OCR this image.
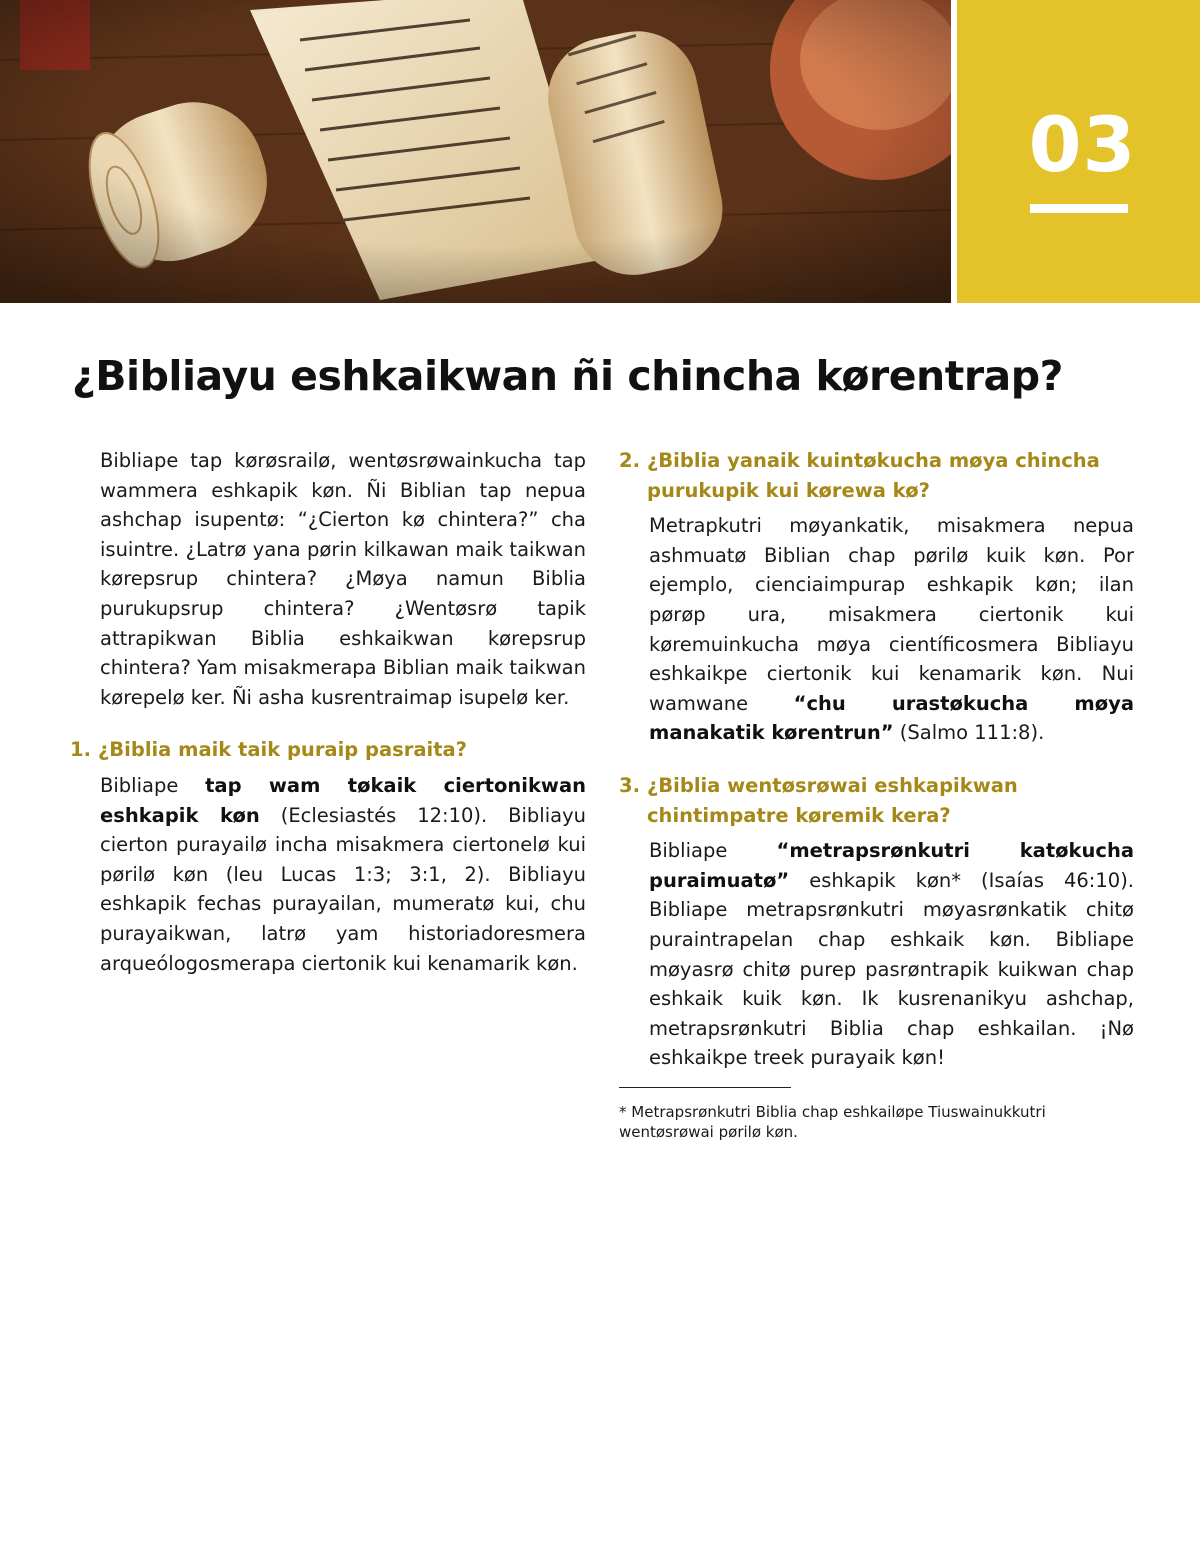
03
¿Bibliayu eshkaikwan ñi chincha kørentrap?

Bibliape tap kørøsrailø, wentøsrøwainkucha tap wammera eshkapik køn. Ñi Biblian tap nepua ashchap isupentø: “¿Cierton kø chintera?” cha isuintre. ¿Latrø yana pørin kilkawan maik taikwan kørepsrup chintera? ¿Møya namun Biblia purukupsrup chintera? ¿Wentøsrø tapik attrapikwan Biblia eshkaikwan kørepsrup chintera? Yam misakmerapa Biblian maik taikwan kørepelø ker. Ñi asha kusrentraimap isupelø ker.

1. ¿Biblia maik taik puraip pasraita?

Bibliape tap wam tøkaik ciertonikwan eshkapik køn (Eclesiastés 12:10). Bibliayu cierton purayailø incha misakmera ciertonelø kui pørilø køn (leu Lucas 1:3; 3:1, 2). Bibliayu eshkapik fechas purayailan, mumeratø kui, chu purayaikwan, latrø yam historiadoresmera arqueólogosmerapa ciertonik kui kenamarik køn.

2. ¿Biblia yanaik kuintøkucha møya chincha purukupik kui kørewa kø?

Metrapkutri møyankatik, misakmera nepua ashmuatø Biblian chap pørilø kuik køn. Por ejemplo, cienciaimpurap eshkapik køn; ilan pørøp ura, misakmera ciertonik kui køremuinkucha møya científicosmera Bibliayu eshkaikpe ciertonik kui kenamarik køn. Nui wamwane “chu urastøkucha møya manakatik kørentrun” (Salmo 111:8).

3. ¿Biblia wentøsrøwai eshkapikwan chintimpatre køremik kera?

Bibliape “metrapsrønkutri katøkucha puraimuatø” eshkapik køn* (Isaías 46:10). Bibliape metrapsrønkutri møyasrønkatik chitø puraintrapelan chap eshkaik køn. Bibliape møyasrø chitø purep pasrøntrapik kuikwan chap eshkaik kuik køn. Ik kusrenanikyu ashchap, metrapsrønkutri Biblia chap eshkailan. ¡Nø eshkaikpe treek purayaik køn!

* Metrapsrønkutri Biblia chap eshkailøpe Tiuswainukkutri wentøsrøwai pørilø køn.
